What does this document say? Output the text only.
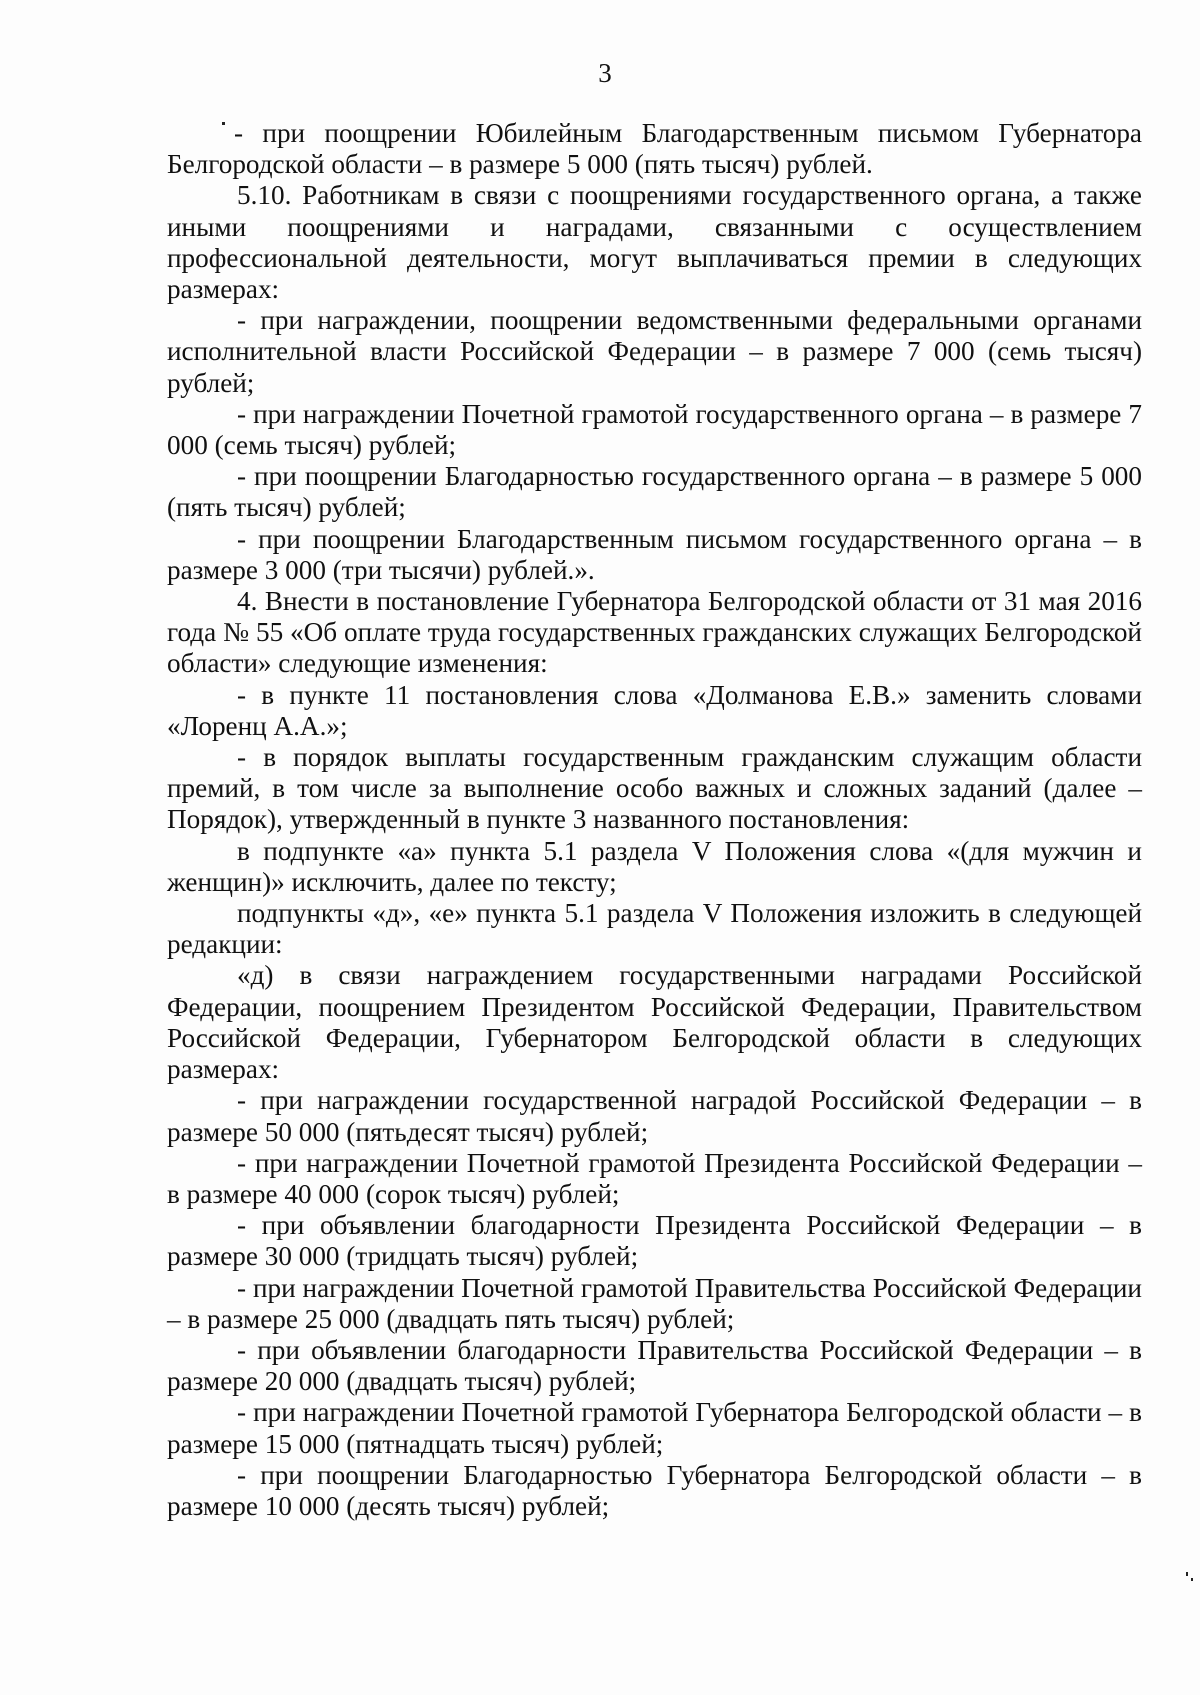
3

- при поощрении Юбилейным Благодарственным письмом Губернатора Белгородской области – в размере 5 000 (пять тысяч) рублей.

5.10. Работникам в связи с поощрениями государственного органа, а также иными поощрениями и наградами, связанными с осуществлением профессиональной деятельности, могут выплачиваться премии в следующих размерах:

- при награждении, поощрении ведомственными федеральными органами исполнительной власти Российской Федерации – в размере 7 000 (семь тысяч) рублей;

- при награждении Почетной грамотой государственного органа – в размере 7 000 (семь тысяч) рублей;

- при поощрении Благодарностью государственного органа – в размере 5 000 (пять тысяч) рублей;

- при поощрении Благодарственным письмом государственного органа – в размере 3 000 (три тысячи) рублей.».

4. Внести в постановление Губернатора Белгородской области от 31 мая 2016 года № 55 «Об оплате труда государственных гражданских служащих Белгородской области» следующие изменения:

- в пункте 11 постановления слова «Долманова Е.В.» заменить словами «Лоренц А.А.»;

- в порядок выплаты государственным гражданским служащим области премий, в том числе за выполнение особо важных и сложных заданий (далее – Порядок), утвержденный в пункте 3 названного постановления:

в подпункте «а» пункта 5.1 раздела V Положения слова «(для мужчин и женщин)» исключить, далее по тексту;

подпункты «д», «е» пункта 5.1 раздела V Положения изложить в следующей редакции:

«д) в связи награждением государственными наградами Российской Федерации, поощрением Президентом Российской Федерации, Правительством Российской Федерации, Губернатором Белгородской области в следующих размерах:

- при награждении государственной наградой Российской Федерации – в размере 50 000 (пятьдесят тысяч) рублей;

- при награждении Почетной грамотой Президента Российской Федерации – в размере 40 000 (сорок тысяч) рублей;

- при объявлении благодарности Президента Российской Федерации – в размере 30 000 (тридцать тысяч) рублей;

- при награждении Почетной грамотой Правительства Российской Федерации – в размере 25 000 (двадцать пять тысяч) рублей;

- при объявлении благодарности Правительства Российской Федерации – в размере 20 000 (двадцать тысяч) рублей;

- при награждении Почетной грамотой Губернатора Белгородской области – в размере 15 000 (пятнадцать тысяч) рублей;

- при поощрении Благодарностью Губернатора Белгородской области – в размере 10 000 (десять тысяч) рублей;
